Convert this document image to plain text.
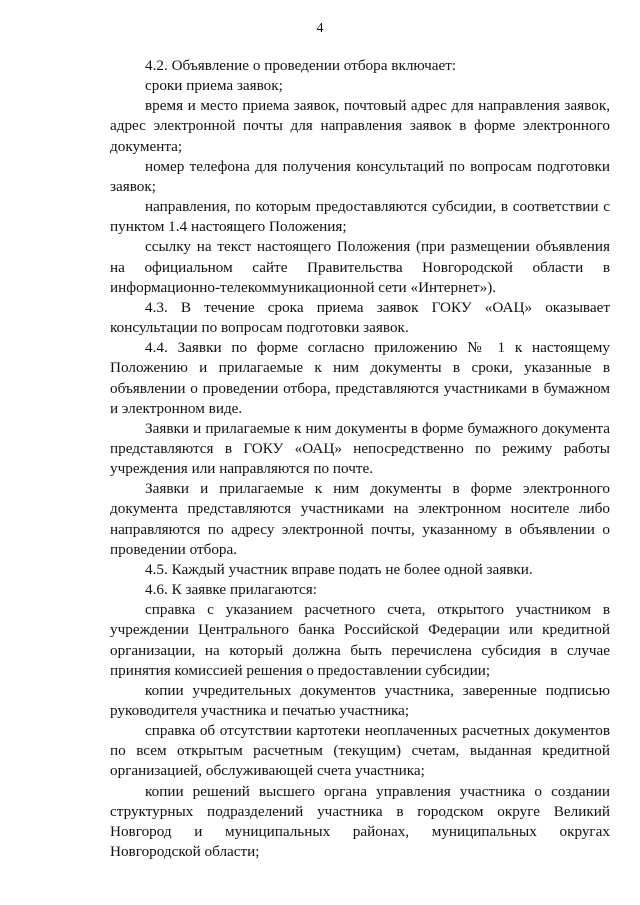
4

4.2. Объявление о проведении отбора включает:

сроки приема заявок;

время и место приема заявок, почтовый адрес для направления заявок, адрес электронной почты для направления заявок в форме электронного документа;

номер телефона для получения консультаций по вопросам подготовки заявок;

направления, по которым предоставляются субсидии, в соответствии с пунктом 1.4 настоящего Положения;

ссылку на текст настоящего Положения (при размещении объявления на официальном сайте Правительства Новгородской области в информационно-телекоммуникационной сети «Интернет»).

4.3. В течение срока приема заявок ГОКУ «ОАЦ» оказывает консультации по вопросам подготовки заявок.

4.4. Заявки по форме согласно приложению № 1 к настоящему Положению и прилагаемые к ним документы в сроки, указанные в объявлении о проведении отбора, представляются участниками в бумажном и электронном виде.

Заявки и прилагаемые к ним документы в форме бумажного документа представляются в ГОКУ «ОАЦ» непосредственно по режиму работы учреждения или направляются по почте.

Заявки и прилагаемые к ним документы в форме электронного документа представляются участниками на электронном носителе либо направляются по адресу электронной почты, указанному в объявлении о проведении отбора.

4.5. Каждый участник вправе подать не более одной заявки.

4.6. К заявке прилагаются:

справка с указанием расчетного счета, открытого участником в учреждении Центрального банка Российской Федерации или кредитной организации, на который должна быть перечислена субсидия в случае принятия комиссией решения о предоставлении субсидии;

копии учредительных документов участника, заверенные подписью руководителя участника и печатью участника;

справка об отсутствии картотеки неоплаченных расчетных документов по всем открытым расчетным (текущим) счетам, выданная кредитной организацией, обслуживающей счета участника;

копии решений высшего органа управления участника о создании структурных подразделений участника в городском округе Великий Новгород и муниципальных районах, муниципальных округах Новгородской области;
